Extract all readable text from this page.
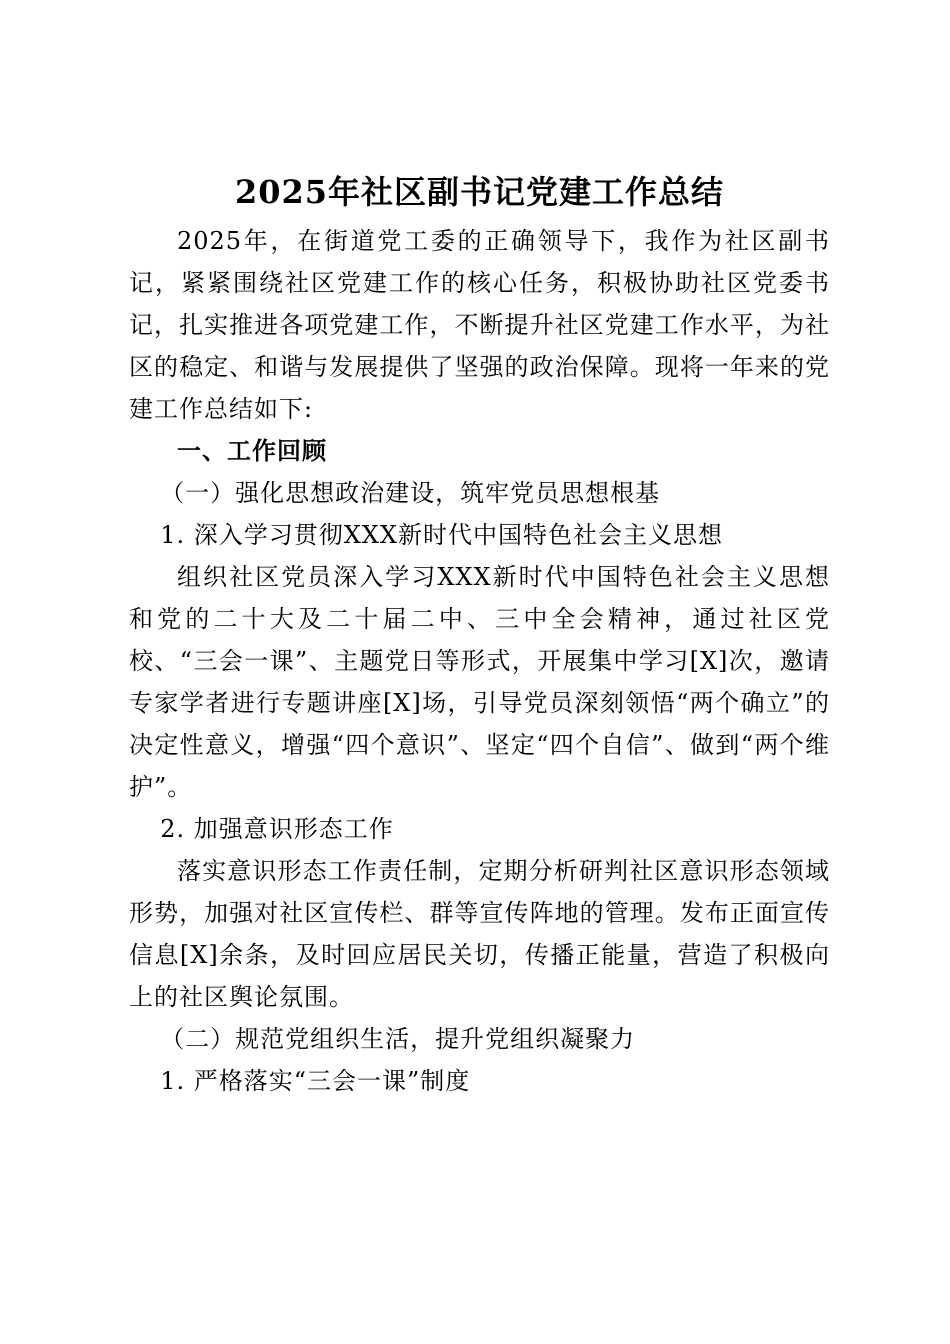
2025年社区副书记党建工作总结

2025年，在街道党工委的正确领导下，我作为社区副书记，紧紧围绕社区党建工作的核心任务，积极协助社区党委书记，扎实推进各项党建工作，不断提升社区党建工作水平，为社区的稳定、和谐与发展提供了坚强的政治保障。现将一年来的党建工作总结如下:

一、工作回顾

（一）强化思想政治建设，筑牢党员思想根基

1. 深入学习贯彻XXX新时代中国特色社会主义思想

组织社区党员深入学习XXX新时代中国特色社会主义思想和党的二十大及二十届二中、三中全会精神，通过社区党校、“三会一课”、主题党日等形式，开展集中学习[X]次，邀请专家学者进行专题讲座[X]场，引导党员深刻领悟“两个确立”的决定性意义，增强“四个意识”、坚定“四个自信”、做到“两个维护”。

2. 加强意识形态工作

落实意识形态工作责任制，定期分析研判社区意识形态领域形势，加强对社区宣传栏、群等宣传阵地的管理。发布正面宣传信息[X]余条，及时回应居民关切，传播正能量，营造了积极向上的社区舆论氛围。

（二）规范党组织生活，提升党组织凝聚力

1. 严格落实“三会一课”制度
